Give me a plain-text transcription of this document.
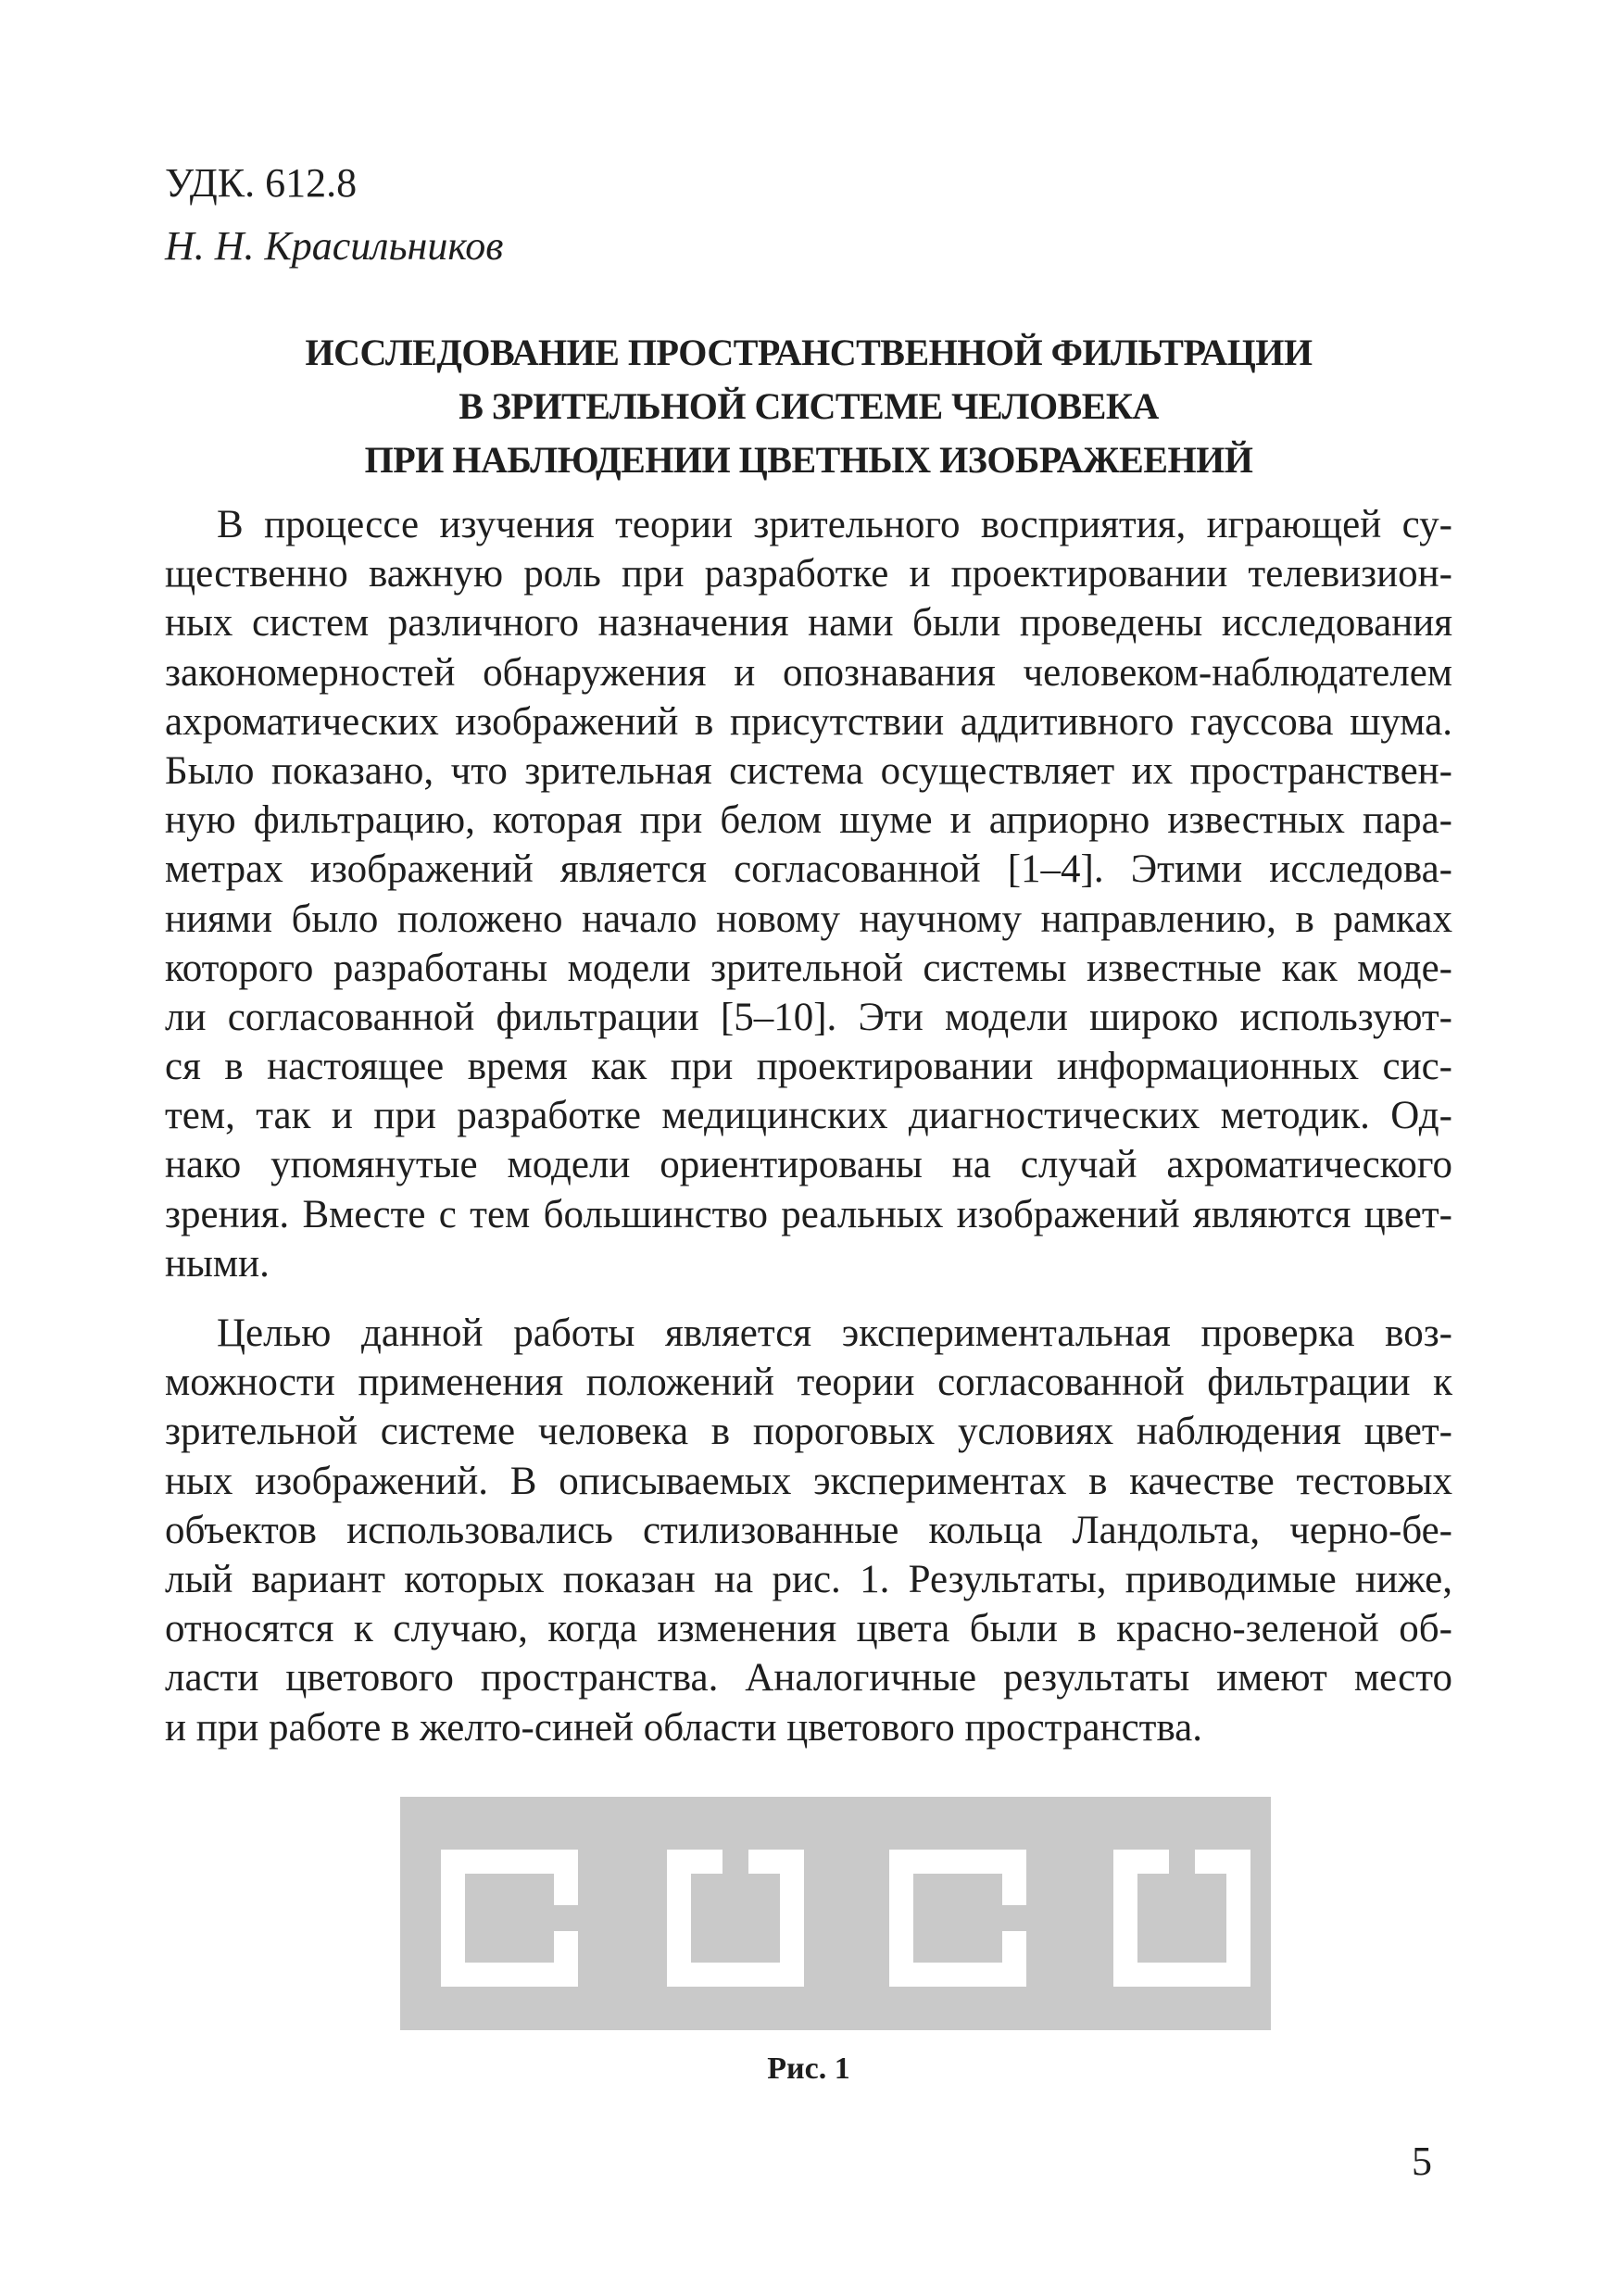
УДК. 612.8
Н. Н. Красильников
ИССЛЕДОВАНИЕ ПРОСТРАНСТВЕННОЙ ФИЛЬТРАЦИИ
В ЗРИТЕЛЬНОЙ СИСТЕМЕ ЧЕЛОВЕКА
ПРИ НАБЛЮДЕНИИ ЦВЕТНЫХ ИЗОБРАЖЕЕНИЙ
В процессе изучения теории зрительного восприятия, играющей су-
щественно важную роль при разработке и проектировании телевизион-
ных систем различного назначения нами были проведены исследования
закономерностей обнаружения и опознавания человеком-наблюдателем
ахроматических изображений в присутствии аддитивного гауссова шума.
Было показано, что зрительная система осуществляет их пространствен-
ную фильтрацию, которая при белом шуме и априорно известных пара-
метрах изображений является согласованной [1–4]. Этими исследова-
ниями было положено начало новому научному направлению, в рамках
которого разработаны модели зрительной системы известные как моде-
ли согласованной фильтрации [5–10]. Эти модели широко используют-
ся в настоящее время как при проектировании информационных сис-
тем, так и при разработке медицинских диагностических методик. Од-
нако упомянутые модели ориентированы на случай ахроматического
зрения. Вместе с тем большинство реальных изображений являются цвет-
ными.
Целью данной работы является экспериментальная проверка воз-
можности применения положений теории согласованной фильтрации к
зрительной системе человека в пороговых условиях наблюдения цвет-
ных изображений. В описываемых экспериментах в качестве тестовых
объектов использовались стилизованные кольца Ландольта, черно-бе-
лый вариант которых показан на рис. 1. Результаты, приводимые ниже,
относятся к случаю, когда изменения цвета были в красно-зеленой об-
ласти цветового пространства. Аналогичные результаты имеют место
и при работе в желто-синей области цветового пространства.
Рис. 1
5
